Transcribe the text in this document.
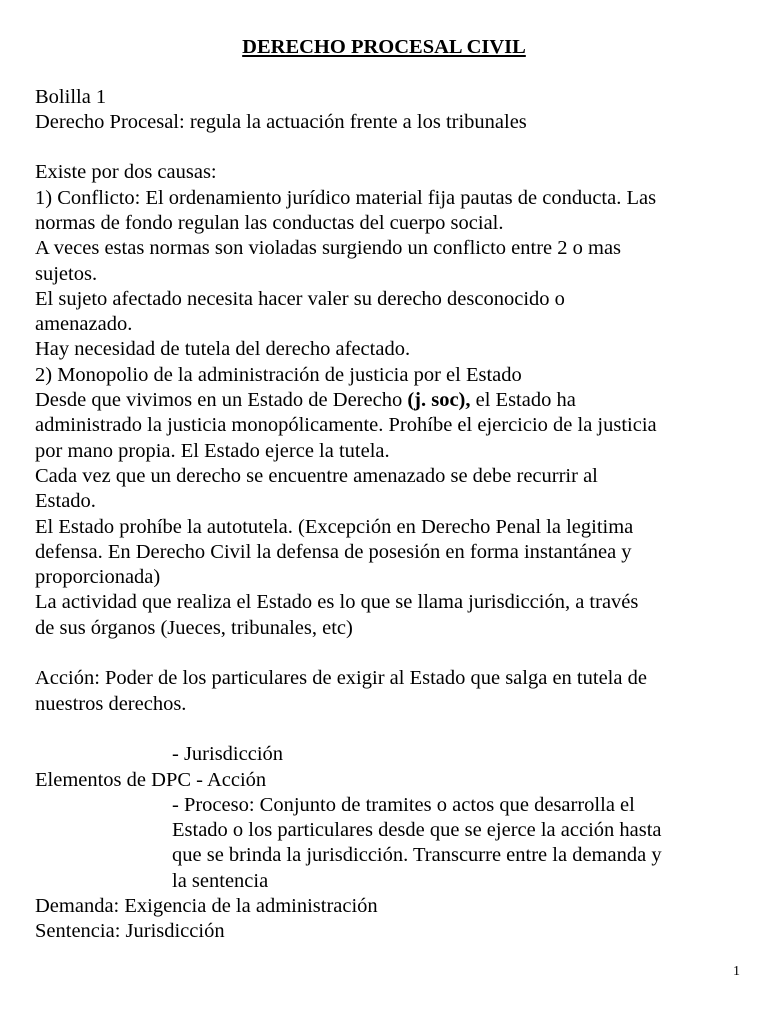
DERECHO PROCESAL CIVIL
Bolilla 1
Derecho Procesal: regula la actuación frente a los tribunales
Existe por dos causas:
1) Conflicto: El ordenamiento jurídico material fija pautas de conducta. Las
normas de fondo regulan las conductas del cuerpo social.
A veces estas normas son violadas surgiendo un conflicto entre 2 o mas
sujetos.
El sujeto afectado necesita hacer valer su derecho desconocido o
amenazado.
Hay necesidad de tutela del derecho afectado.
2) Monopolio de la administración de justicia por el Estado
Desde que vivimos en un Estado de Derecho (j. soc), el Estado ha
administrado la justicia monopólicamente. Prohíbe el ejercicio de la justicia
por mano propia. El Estado ejerce la tutela.
Cada vez que un derecho se encuentre amenazado se debe recurrir al
Estado.
El Estado prohíbe la autotutela. (Excepción en Derecho Penal la legitima
defensa. En Derecho Civil la defensa de posesión en forma instantánea y
proporcionada)
La actividad que realiza el Estado es lo que se llama jurisdicción, a través
de sus órganos (Jueces, tribunales, etc)
Acción: Poder de los particulares de exigir al Estado que salga en tutela de
nuestros derechos.
- Jurisdicción
Elementos de DPC - Acción
- Proceso: Conjunto de tramites o actos que desarrolla el
Estado o los particulares desde que se ejerce la acción hasta
que se brinda la jurisdicción. Transcurre entre la demanda y
la sentencia
Demanda: Exigencia de la administración
Sentencia: Jurisdicción
1
